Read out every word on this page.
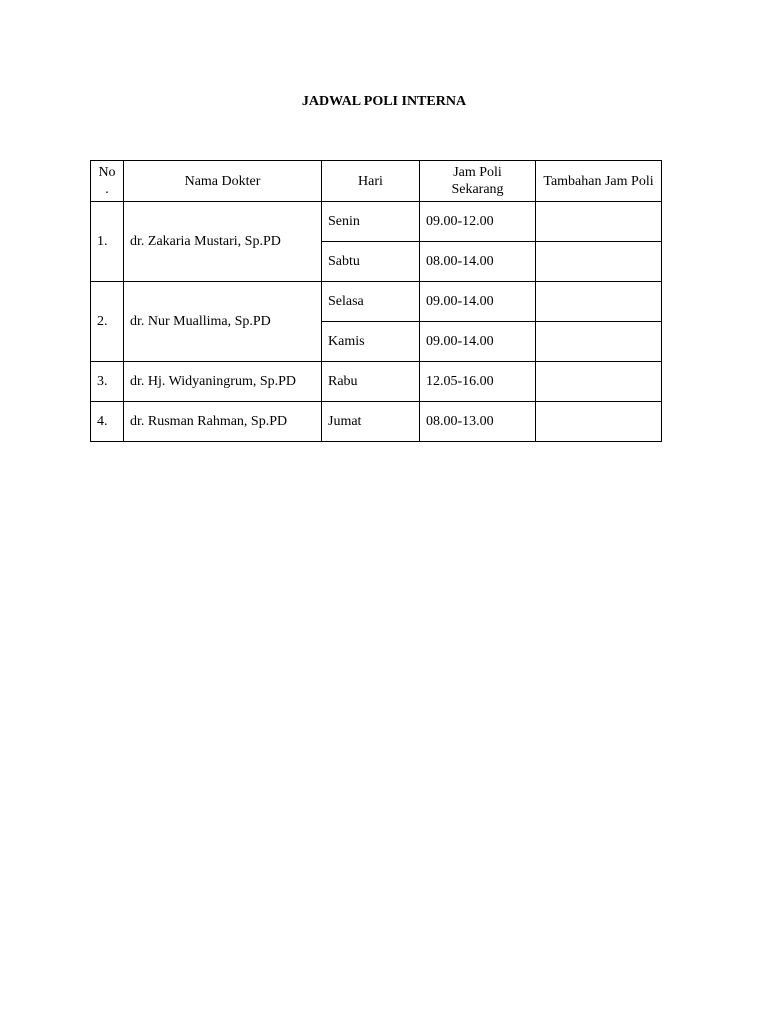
JADWAL POLI INTERNA
No .	Nama Dokter	Hari	Jam Poli Sekarang	Tambahan Jam Poli
1.	dr. Zakaria Mustari, Sp.PD	Senin	09.00-12.00	
		Sabtu	08.00-14.00	
2.	dr. Nur Muallima, Sp.PD	Selasa	09.00-14.00	
		Kamis	09.00-14.00	
3.	dr. Hj. Widyaningrum, Sp.PD	Rabu	12.05-16.00	
4.	dr. Rusman Rahman, Sp.PD	Jumat	08.00-13.00	
